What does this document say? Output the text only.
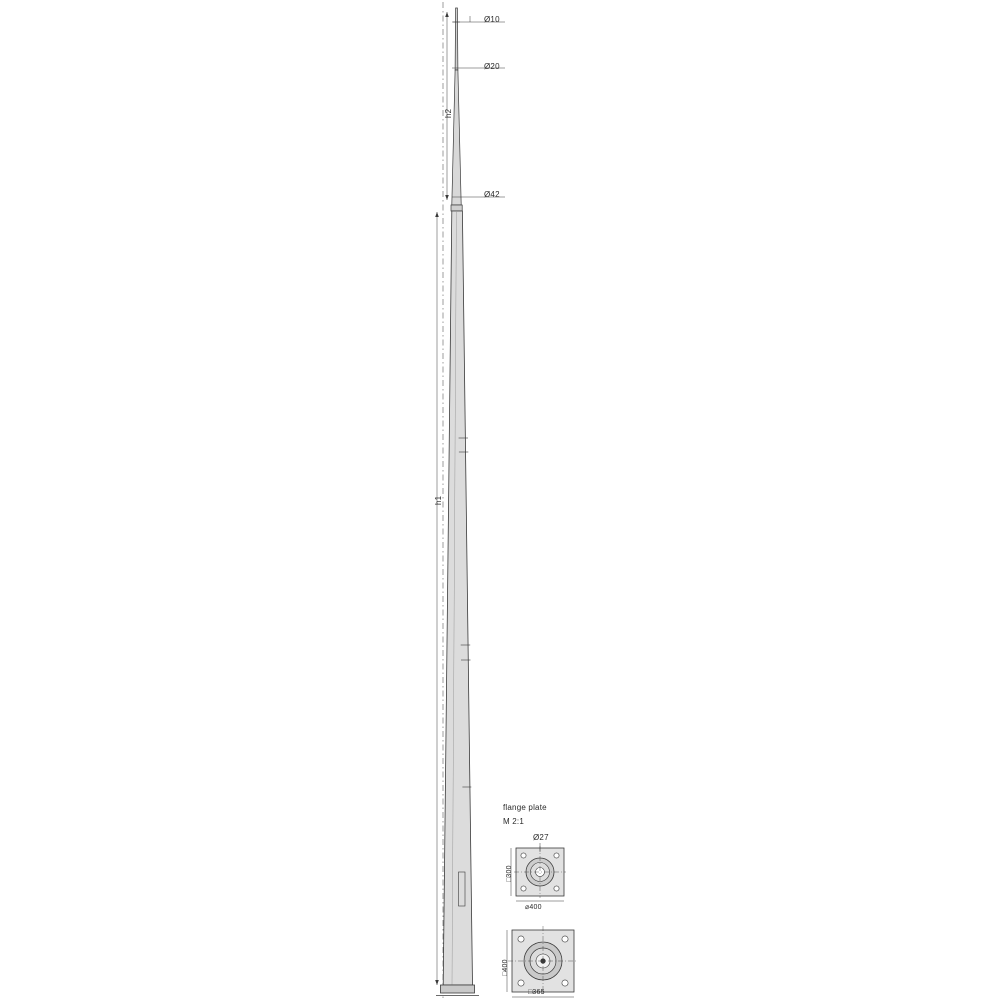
Ø10
Ø20
Ø42
h2
h1
flange plate
M 2:1
Ø27
□300
⌀400
□400
□365
